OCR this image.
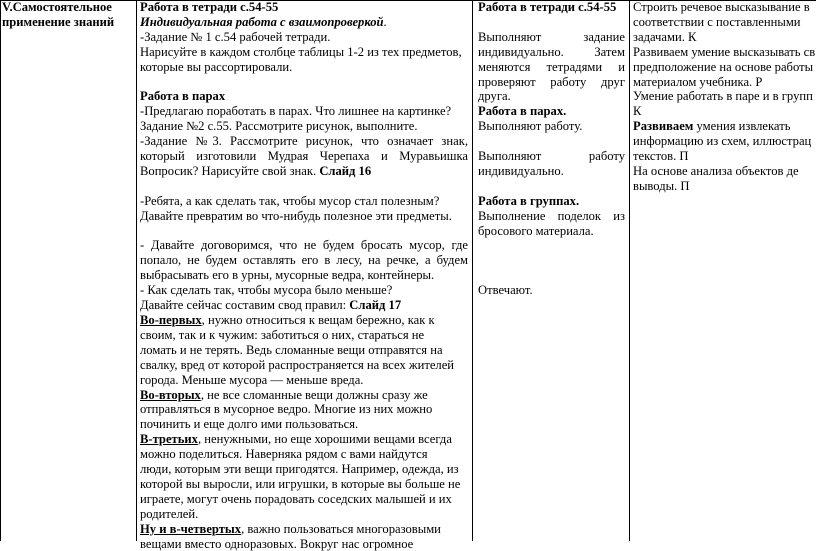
V.Самостоятельное
применение знаний
Работа в тетради с.54-55
Индивидуальная работа с взаимопроверкой.
-Задание № 1 с.54 рабочей тетради.
Нарисуйте в каждом столбце таблицы 1-2 из тех предметов,
которые вы рассортировали.
Работа в парах
-Предлагаю поработать в парах. Что лишнее на картинке?
Задание №2 с.55. Рассмотрите рисунок, выполните.
-Задание №3. Рассмотрите рисунок, что означает знак,
который изготовили Мудрая Черепаха и Муравьишка
Вопросик? Нарисуйте свой знак. Слайд 16
-Ребята, а как сделать так, чтобы мусор стал полезным?
Давайте превратим во что-нибудь полезное эти предметы.
- Давайте договоримся, что не будем бросать мусор, где
попало, не будем оставлять его в лесу, на речке, а будем
выбрасывать его в урны, мусорные ведра, контейнеры.
- Как сделать так, чтобы мусора было меньше?
Давайте сейчас составим свод правил: Слайд 17
Во-первых, нужно относиться к вещам бережно, как к
своим, так и к чужим: заботиться о них, стараться не
ломать и не терять. Ведь сломанные вещи отправятся на
свалку, вред от которой распространяется на всех жителей
города. Меньше мусора — меньше вреда.
Во-вторых, не все сломанные вещи должны сразу же
отправляться в мусорное ведро. Многие из них можно
починить и еще долго ими пользоваться.
В-третьих, ненужными, но еще хорошими вещами всегда
можно поделиться. Наверняка рядом с вами найдутся
люди, которым эти вещи пригодятся. Например, одежда, из
которой вы выросли, или игрушки, в которые вы больше не
играете, могут очень порадовать соседских малышей и их
родителей.
Ну и в-четвертых, важно пользоваться многоразовыми
вещами вместо одноразовых. Вокруг нас огромное
Работа в тетради с.54-55
Выполняют задание
индивидуально. Затем
меняются тетрадями и
проверяют работу друг
друга.
Работа в парах.
Выполняют работу.
Выполняют работу
индивидуально.
Работа в группах.
Выполнение поделок из
бросового материала.
Отвечают.
Строить речевое высказывание в
соответствии с поставленными
задачами. К
Развиваем умение высказывать св
предположение на основе работы
материалом учебника. Р
Умение работать в паре и в групп
К
Развиваем умения извлекать
информацию из схем, иллюстрац
текстов. П
На основе анализа объектов де
выводы. П
